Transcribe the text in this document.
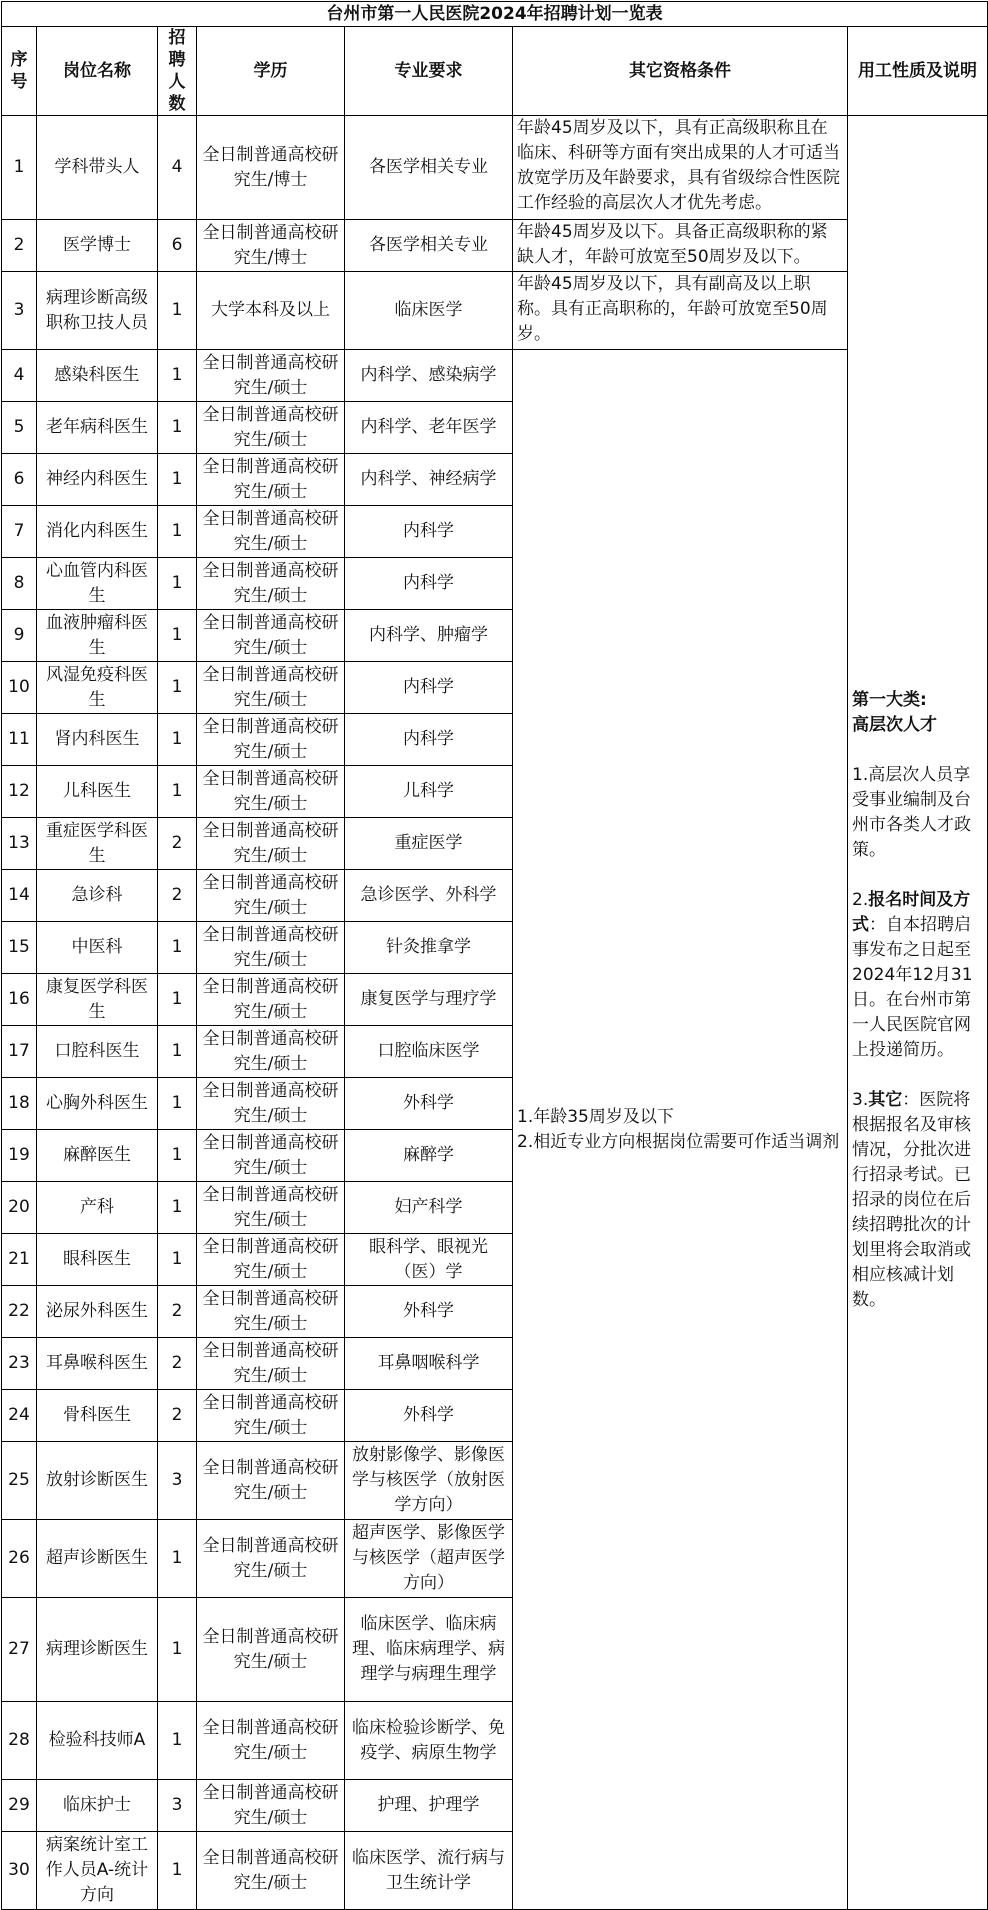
台州市第一人民医院2024年招聘计划一览表						
序号	岗位名称	招聘人数	学历	专业要求	其它资格条件	用工性质及说明
1	学科带头人	4	全日制普通高校研究生/博士	各医学相关专业	年龄45周岁及以下，具有正高级职称且在临床、科研等方面有突出成果的人才可适当放宽学历及年龄要求，具有省级综合性医院工作经验的高层次人才优先考虑。	第一大类:
高层次人才

1.高层次人员享受事业编制及台州市各类人才政策。

2.报名时间及方式：自本招聘启事发布之日起至2024年12月31日。在台州市第一人民医院官网上投递简历。

3.其它：医院将根据报名及审核情况，分批次进行招录考试。已招录的岗位在后续招聘批次的计划里将会取消或相应核减计划数。

2	医学博士	6	全日制普通高校研究生/博士	各医学相关专业	年龄45周岁及以下。具备正高级职称的紧缺人才，年龄可放宽至50周岁及以下。	
3	病理诊断高级职称卫技人员	1	大学本科及以上	临床医学	年龄45周岁及以下，具有副高及以上职称。具有正高职称的，年龄可放宽至50周岁。	
4	感染科医生	1	全日制普通高校研究生/硕士	内科学、感染病学	1.年龄35周岁及以下
2.相近专业方向根据岗位需要可作适当调剂	

5	老年病科医生	1	全日制普通高校研究生/硕士	内科学、老年医学		
6	神经内科医生	1	全日制普通高校研究生/硕士	内科学、神经病学		
7	消化内科医生	1	全日制普通高校研究生/硕士	内科学		
8	心血管内科医生	1	全日制普通高校研究生/硕士	内科学		
9	血液肿瘤科医生	1	全日制普通高校研究生/硕士	内科学、肿瘤学		
10	风湿免疫科医生	1	全日制普通高校研究生/硕士	内科学		
11	肾内科医生	1	全日制普通高校研究生/硕士	内科学		
12	儿科医生	1	全日制普通高校研究生/硕士	儿科学		
13	重症医学科医生	2	全日制普通高校研究生/硕士	重症医学		
14	急诊科	2	全日制普通高校研究生/硕士	急诊医学、外科学		
15	中医科	1	全日制普通高校研究生/硕士	针灸推拿学		
16	康复医学科医生	1	全日制普通高校研究生/硕士	康复医学与理疗学		
17	口腔科医生	1	全日制普通高校研究生/硕士	口腔临床医学		
18	心胸外科医生	1	全日制普通高校研究生/硕士	外科学		
19	麻醉医生	1	全日制普通高校研究生/硕士	麻醉学		
20	产科	1	全日制普通高校研究生/硕士	妇产科学		
21	眼科医生	1	全日制普通高校研究生/硕士	眼科学、眼视光（医）学		
22	泌尿外科医生	2	全日制普通高校研究生/硕士	外科学		
23	耳鼻喉科医生	2	全日制普通高校研究生/硕士	耳鼻咽喉科学		
24	骨科医生	2	全日制普通高校研究生/硕士	外科学		
25	放射诊断医生	3	全日制普通高校研究生/硕士	放射影像学、影像医学与核医学（放射医学方向）		
26	超声诊断医生	1	全日制普通高校研究生/硕士	超声医学、影像医学与核医学（超声医学方向）		
27	病理诊断医生	1	全日制普通高校研究生/硕士	临床医学、临床病理、临床病理学、病理学与病理生理学		
28	检验科技师A	1	全日制普通高校研究生/硕士	临床检验诊断学、免疫学、病原生物学		
29	临床护士	3	全日制普通高校研究生/硕士	护理、护理学		
30	病案统计室工作人员A-统计方向	1	全日制普通高校研究生/硕士	临床医学、流行病与卫生统计学		
